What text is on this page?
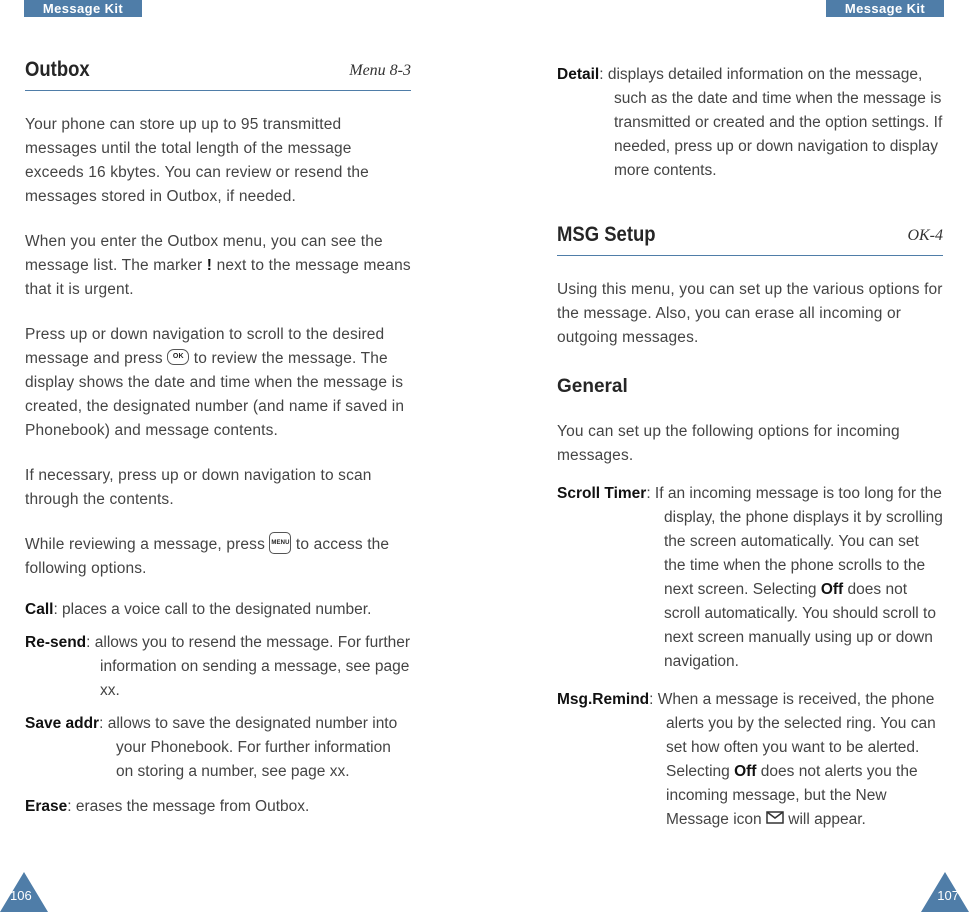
Message Kit	Message Kit
Outbox	Menu 8-3

Your phone can store up up to 95 transmitted messages until the total length of the message exceeds 16 kbytes. You can review or resend the messages stored in Outbox, if needed.

When you enter the Outbox menu, you can see the message list. The marker ! next to the message means that it is urgent.

Press up or down navigation to scroll to the desired message and press OK to review the message. The display shows the date and time when the message is created, the designated number (and name if saved in Phonebook) and message contents.

If necessary, press up or down navigation to scan through the contents.

While reviewing a message, press MENU to access the following options.

Call: places a voice call to the designated number.

Re-send: allows you to resend the message. For further information on sending a message, see page xx.

Save addr: allows to save the designated number into your Phonebook. For further information on storing a number, see page xx.

Erase: erases the message from Outbox.

Detail: displays detailed information on the message, such as the date and time when the message is transmitted or created and the option settings. If needed, press up or down navigation to display more contents.

MSG Setup	OK-4

Using this menu, you can set up the various options for the message. Also, you can erase all incoming or outgoing messages.

General

You can set up the following options for incoming messages.

Scroll Timer: If an incoming message is too long for the display, the phone displays it by scrolling the screen automatically. You can set the time when the phone scrolls to the next screen. Selecting Off does not scroll automatically. You should scroll to next screen manually using up or down navigation.

Msg.Remind: When a message is received, the phone alerts you by the selected ring. You can set how often you want to be alerted. Selecting Off does not alerts you the incoming message, but the New Message icon will appear.

106	107
